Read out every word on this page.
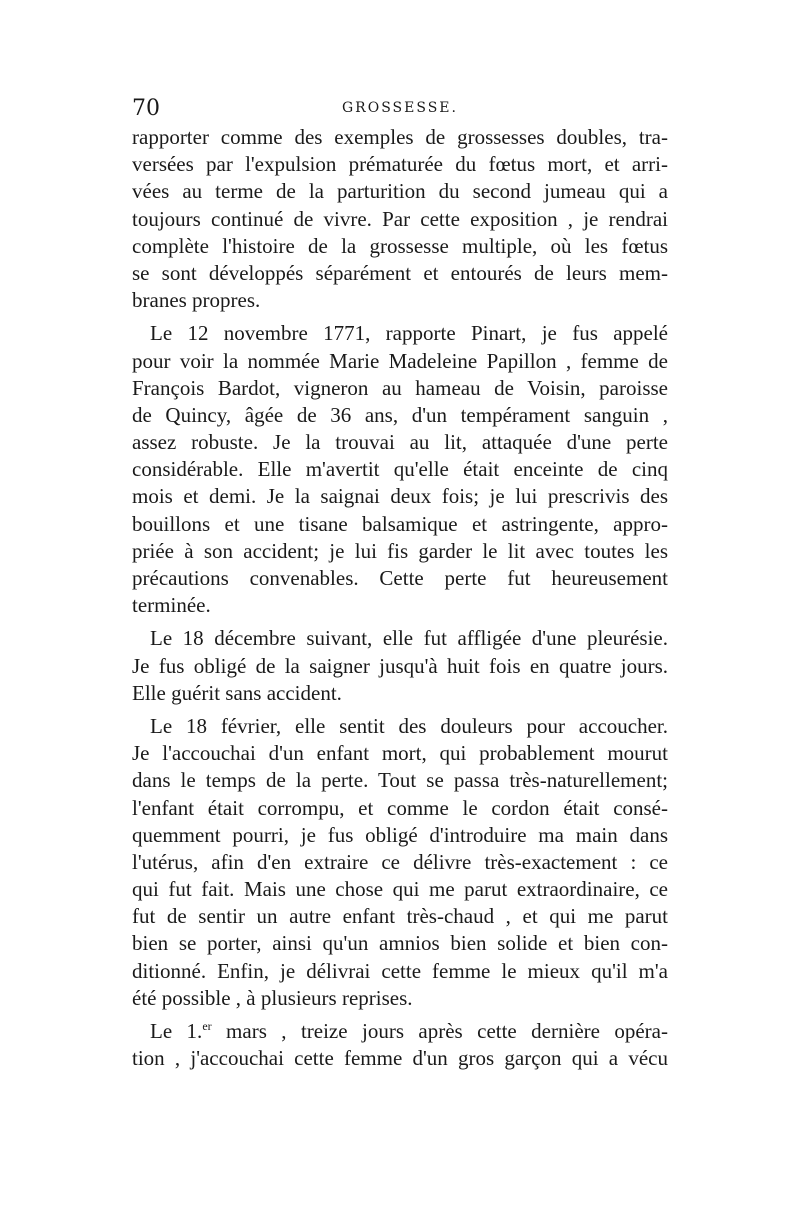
70	GROSSESSE.

rapporter comme des exemples de grossesses doubles, tra-
versées par l'expulsion prématurée du fœtus mort, et arri-
vées au terme de la parturition du second jumeau qui a
toujours continué de vivre. Par cette exposition , je rendrai
complète l'histoire de la grossesse multiple, où les fœtus
se sont développés séparément et entourés de leurs mem-
branes propres.

Le 12 novembre 1771, rapporte Pinart, je fus appelé
pour voir la nommée Marie Madeleine Papillon , femme de
François Bardot, vigneron au hameau de Voisin, paroisse
de Quincy, âgée de 36 ans, d'un tempérament sanguin ,
assez robuste. Je la trouvai au lit, attaquée d'une perte
considérable. Elle m'avertit qu'elle était enceinte de cinq
mois et demi. Je la saignai deux fois; je lui prescrivis des
bouillons et une tisane balsamique et astringente, appro-
priée à son accident; je lui fis garder le lit avec toutes les
précautions convenables. Cette perte fut heureusement
terminée.

Le 18 décembre suivant, elle fut affligée d'une pleurésie.
Je fus obligé de la saigner jusqu'à huit fois en quatre jours.
Elle guérit sans accident.

Le 18 février, elle sentit des douleurs pour accoucher.
Je l'accouchai d'un enfant mort, qui probablement mourut
dans le temps de la perte. Tout se passa très-naturellement;
l'enfant était corrompu, et comme le cordon était consé-
quemment pourri, je fus obligé d'introduire ma main dans
l'utérus, afin d'en extraire ce délivre très-exactement : ce
qui fut fait. Mais une chose qui me parut extraordinaire, ce
fut de sentir un autre enfant très-chaud , et qui me parut
bien se porter, ainsi qu'un amnios bien solide et bien con-
ditionné. Enfin, je délivrai cette femme le mieux qu'il m'a
été possible , à plusieurs reprises.

Le 1.$^{er}$ mars , treize jours après cette dernière opéra-
tion , j'accouchai cette femme d'un gros garçon qui a vécu
